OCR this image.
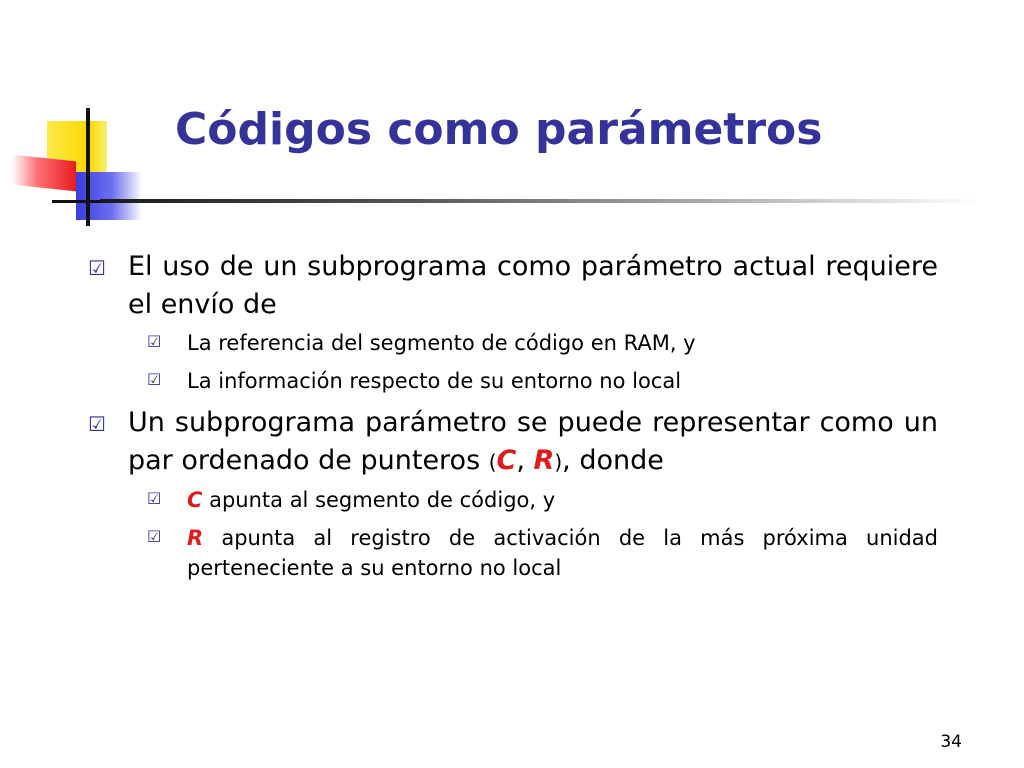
Códigos como parámetros
☑ El uso de un subprograma como parámetro actual requiere el envío de
☑ La referencia del segmento de código en RAM, y
☑ La información respecto de su entorno no local
☑ Un subprograma parámetro se puede representar como un par ordenado de punteros (C, R), donde
☑ C apunta al segmento de código, y
☑ R apunta al registro de activación de la más próxima unidad perteneciente a su entorno no local
34
